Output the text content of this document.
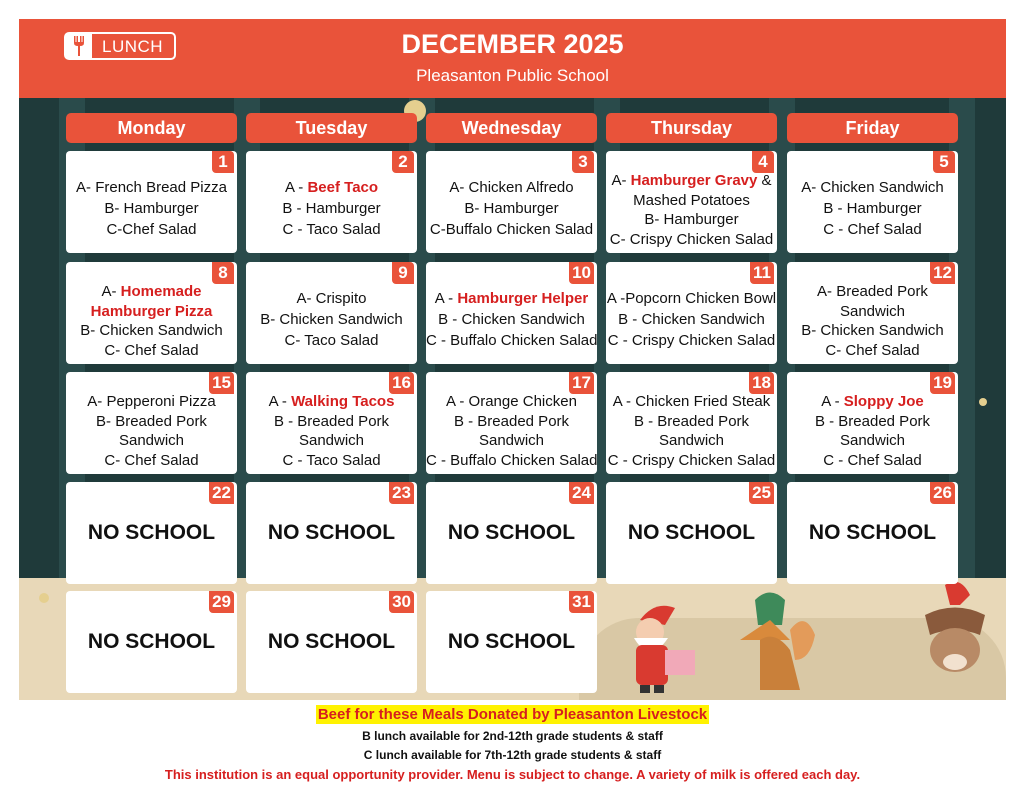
LUNCH	DECEMBER 2025
Pleasanton Public School
Monday	Tuesday	Wednesday	Thursday	Friday
1
A- French Bread Pizza
B- Hamburger
C-Chef Salad
2
A - Beef Taco
B - Hamburger
C - Taco Salad
3
A- Chicken Alfredo
B- Hamburger
C-Buffalo Chicken Salad
4
A- Hamburger Gravy &
Mashed Potatoes
B- Hamburger
C- Crispy Chicken Salad
5
A- Chicken Sandwich
B - Hamburger
C - Chef Salad
8
A- Homemade
Hamburger Pizza
B- Chicken Sandwich
C- Chef Salad
9
A- Crispito
B- Chicken Sandwich
C- Taco Salad
10
A - Hamburger Helper
B - Chicken Sandwich
C - Buffalo Chicken Salad
11
A -Popcorn Chicken Bowl
B - Chicken Sandwich
C - Crispy Chicken Salad
12
A- Breaded Pork
Sandwich
B- Chicken Sandwich
C- Chef Salad
15
A- Pepperoni Pizza
B- Breaded Pork
Sandwich
C- Chef Salad
16
A - Walking Tacos
B - Breaded Pork
Sandwich
C - Taco Salad
17
A - Orange Chicken
B - Breaded Pork
Sandwich
C - Buffalo Chicken Salad
18
A - Chicken Fried Steak
B - Breaded Pork
Sandwich
C - Crispy Chicken Salad
19
A - Sloppy Joe
B - Breaded Pork
Sandwich
C - Chef Salad
22
NO SCHOOL
23
NO SCHOOL
24
NO SCHOOL
25
NO SCHOOL
26
NO SCHOOL
29
NO SCHOOL
30
NO SCHOOL
31
NO SCHOOL
Beef for these Meals Donated by Pleasanton Livestock
B lunch available for 2nd-12th grade students & staff
C lunch available for 7th-12th grade students & staff
This institution is an equal opportunity provider. Menu is subject to change. A variety of milk is offered each day.
